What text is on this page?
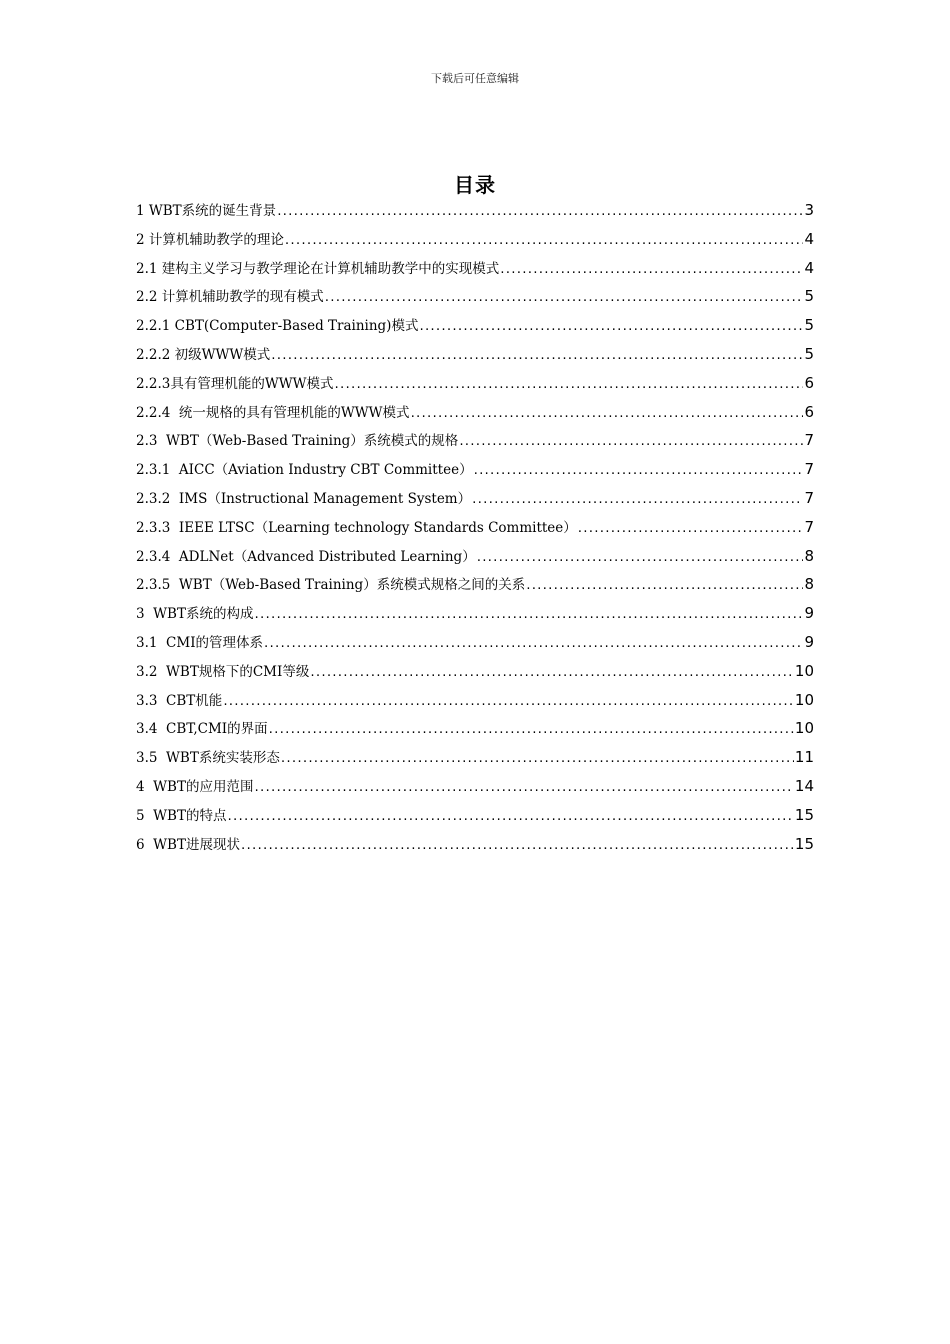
下载后可任意编辑
目录
1 WBT系统的诞生背景 .....	3
2 计算机辅助教学的理论 .....	4
2.1 建构主义学习与教学理论在计算机辅助教学中的实现模式 .....	4
2.2 计算机辅助教学的现有模式 .....	5
2.2.1 CBT(Computer-Based Training)模式 .....	5
2.2.2 初级WWW模式 .....	5
2.2.3具有管理机能的WWW模式 .....	6
2.2.4  统一规格的具有管理机能的WWW模式 .....	6
2.3  WBT（Web-Based Training）系统模式的规格 .....	7
2.3.1  AICC（Aviation Industry CBT Committee） .....	7
2.3.2  IMS（Instructional Management System） .....	7
2.3.3  IEEE LTSC（Learning technology Standards Committee） .....	7
2.3.4  ADLNet（Advanced Distributed Learning） .....	8
2.3.5  WBT（Web-Based Training）系统模式规格之间的关系 .....	8
3  WBT系统的构成 .....	9
3.1  CMI的管理体系 .....	9
3.2  WBT规格下的CMI等级 .....	10
3.3  CBT机能 .....	10
3.4  CBT,CMI的界面 .....	10
3.5  WBT系统实装形态 .....	11
4  WBT的应用范围 .....	14
5  WBT的特点 .....	15
6  WBT进展现状 .....	15
